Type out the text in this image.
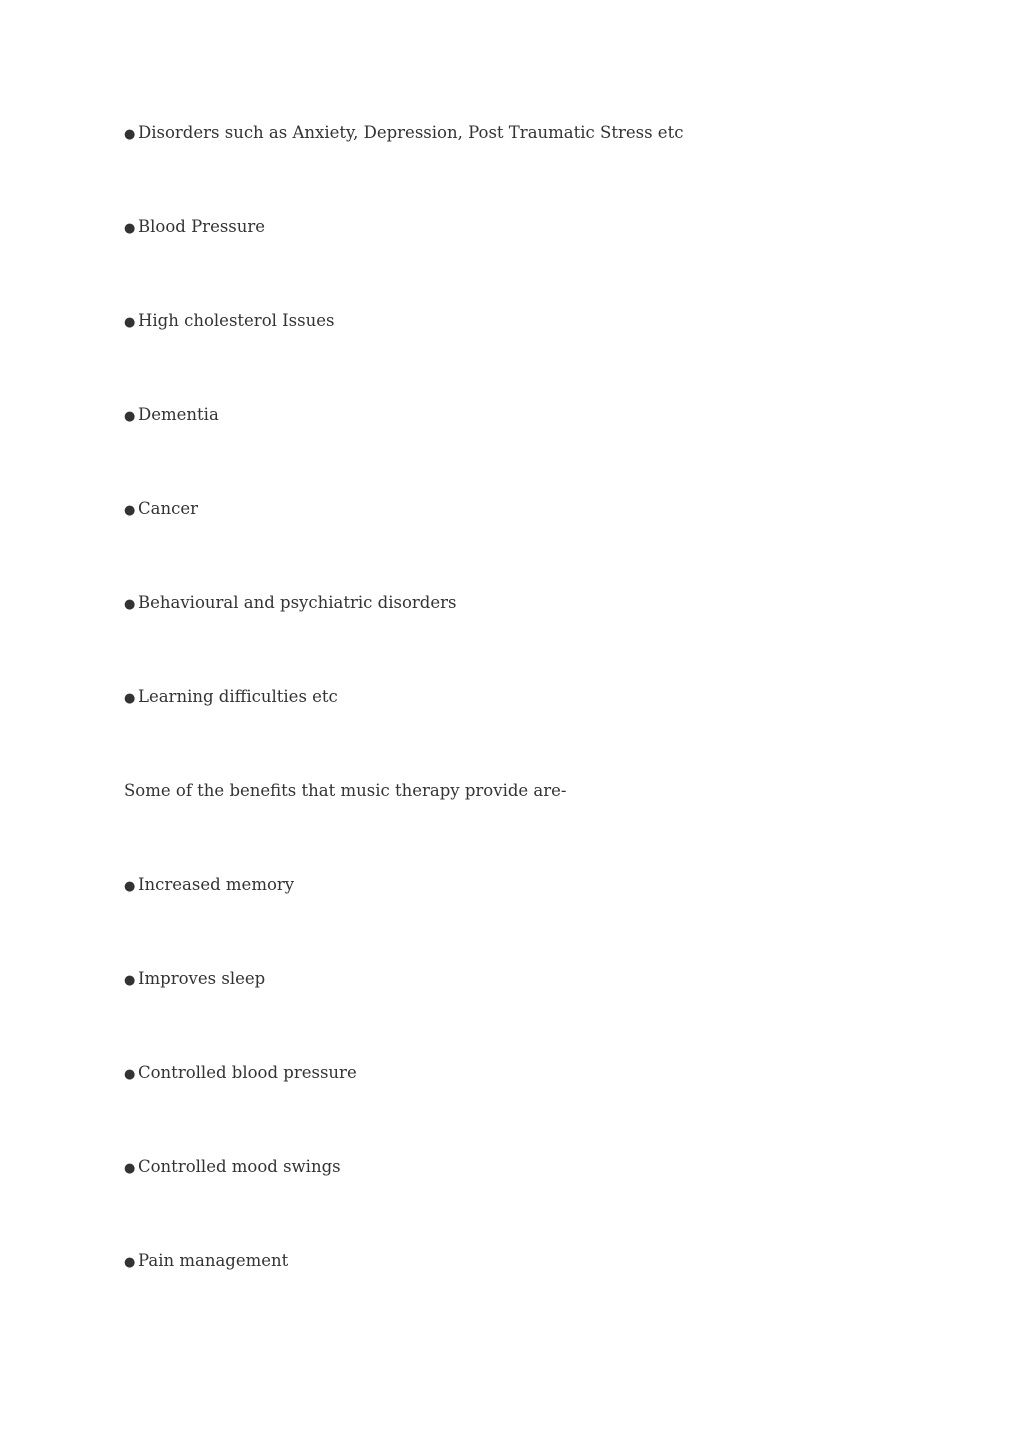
● Disorders such as Anxiety, Depression, Post Traumatic Stress etc
● Blood Pressure
● High cholesterol Issues
● Dementia
● Cancer
● Behavioural and psychiatric disorders
● Learning difficulties etc
Some of the benefits that music therapy provide are-
● Increased memory
● Improves sleep
● Controlled blood pressure
● Controlled mood swings
● Pain management
